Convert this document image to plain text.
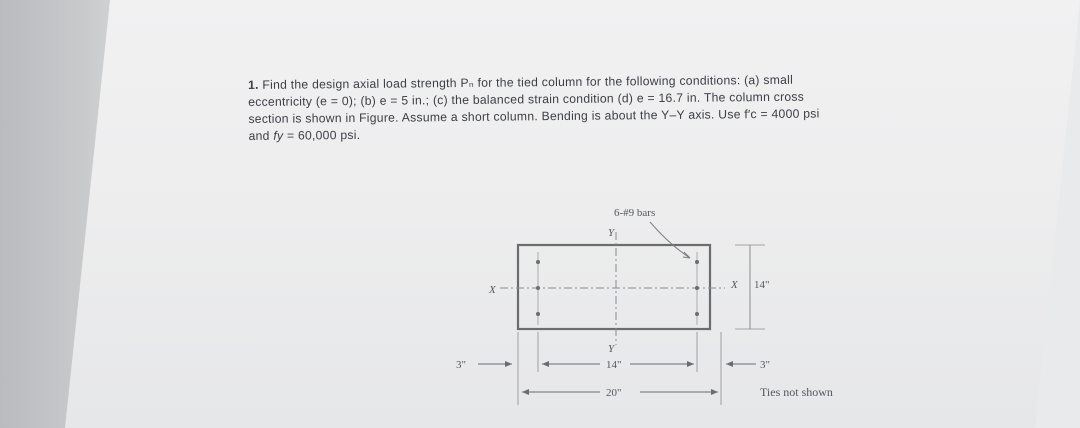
1. Find the design axial load strength Pₙ for the tied column for the following conditions: (a) small
eccentricity (e = 0); (b) e = 5 in.; (c) the balanced strain condition (d) e = 16.7 in. The column cross
section is shown in Figure. Assume a short column. Bending is about the Y–Y axis. Use f′c = 4000 psi
and fy = 60,000 psi.
6-#9 bars
Y
Y
X	X 14"
3"	14"	3"
20"	Ties not shown
